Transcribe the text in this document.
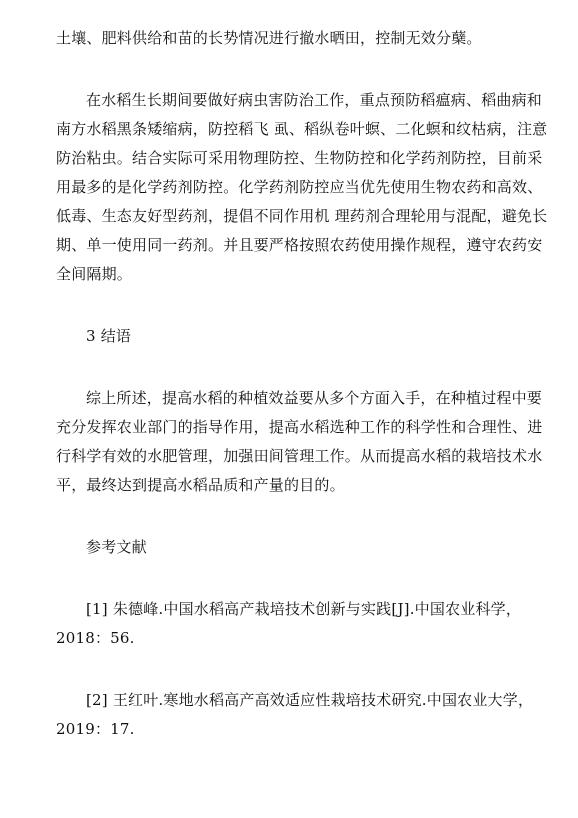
土壤、肥料供给和苗的长势情况进行撤水晒田，控制无效分蘖。
在水稻生长期间要做好病虫害防治工作，重点预防稻瘟病、稻曲病和
南方水稻黑条矮缩病，防控稻飞 虱、稻纵卷叶螟、二化螟和纹枯病，注意
防治粘虫。结合实际可采用物理防控、生物防控和化学药剂防控，目前采
用最多的是化学药剂防控。化学药剂防控应当优先使用生物农药和高效、
低毒、生态友好型药剂，提倡不同作用机 理药剂合理轮用与混配，避免长
期、单一使用同一药剂。并且要严格按照农药使用操作规程，遵守农药安
全间隔期。
3 结语
综上所述，提高水稻的种植效益要从多个方面入手，在种植过程中要
充分发挥农业部门的指导作用，提高水稻选种工作的科学性和合理性、进
行科学有效的水肥管理，加强田间管理工作。从而提高水稻的栽培技术水
平，最终达到提高水稻品质和产量的目的。
参考文献
[1] 朱德峰.中国水稻高产栽培技术创新与实践[J].中国农业科学，
2018：56.
[2] 王红叶.寒地水稻高产高效适应性栽培技术研究.中国农业大学，
2019：17.
